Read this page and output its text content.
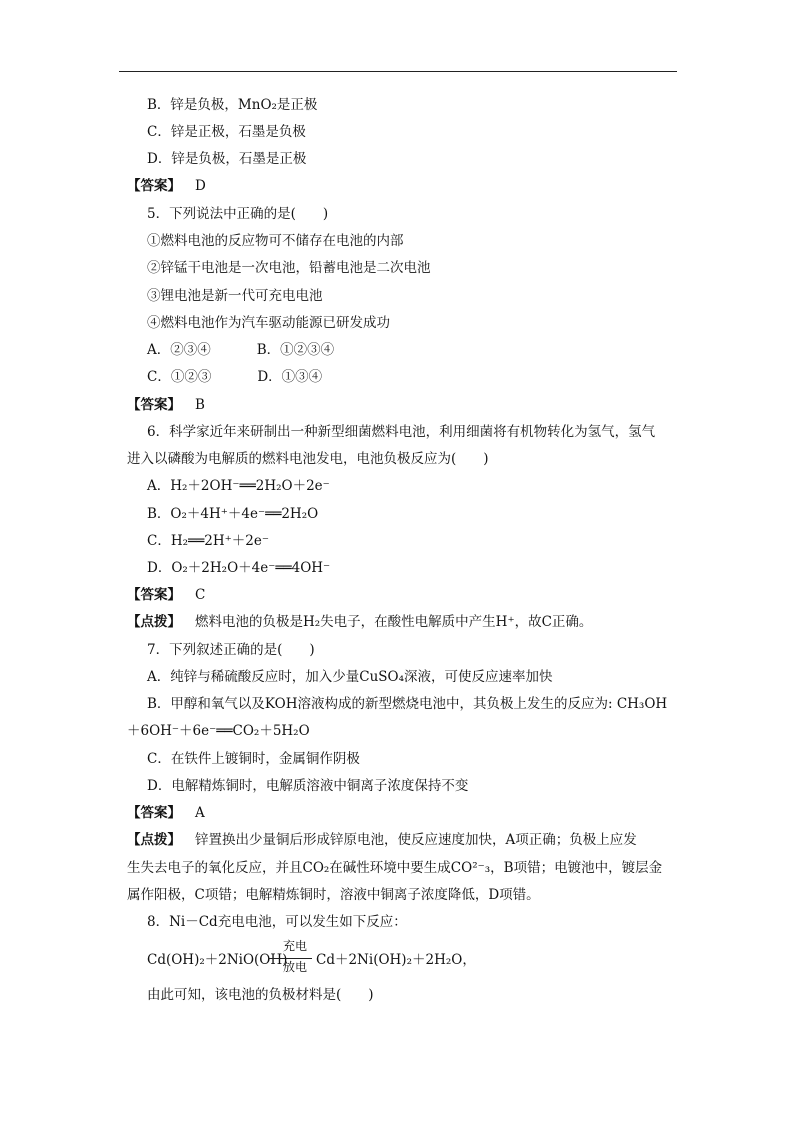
B．锌是负极，MnO₂是正极
C．锌是正极，石墨是负极
D．锌是负极，石墨是正极
【答案】 D
5．下列说法中正确的是(　　)
①燃料电池的反应物可不储存在电池的内部
②锌锰干电池是一次电池，铅蓄电池是二次电池
③锂电池是新一代可充电电池
④燃料电池作为汽车驱动能源已研发成功
A．②③④	B．①②③④
C．①②③	D．①③④
【答案】 B
6．科学家近年来研制出一种新型细菌燃料电池，利用细菌将有机物转化为氢气，氢气
进入以磷酸为电解质的燃料电池发电，电池负极反应为(　　)
A．H₂＋2OH⁻══2H₂O＋2e⁻
B．O₂＋4H⁺＋4e⁻══2H₂O
C．H₂══2H⁺＋2e⁻
D．O₂＋2H₂O＋4e⁻══4OH⁻
【答案】 C
【点拨】 燃料电池的负极是H₂失电子，在酸性电解质中产生H⁺，故C正确。
7．下列叙述正确的是(　　)
A．纯锌与稀硫酸反应时，加入少量CuSO₄深液，可使反应速率加快
B．甲醇和氧气以及KOH溶液构成的新型燃烧电池中，其负极上发生的反应为: CH₃OH
＋6OH⁻＋6e⁻══CO₂＋5H₂O
C．在铁件上镀铜时，金属铜作阴极
D．电解精炼铜时，电解质溶液中铜离子浓度保持不变
【答案】 A
【点拨】 锌置换出少量铜后形成锌原电池，使反应速度加快，A项正确；负极上应发
生失去电子的氧化反应，并且CO₂在碱性环境中要生成CO²⁻₃，B项错；电镀池中，镀层金
属作阳极，C项错；电解精炼铜时，溶液中铜离子浓度降低，D项错。
8．Ni－Cd充电电池，可以发生如下反应：
Cd(OH)₂＋2NiO(OH)
充电
放电 Cd＋2Ni(OH)₂＋2H₂O，
由此可知，该电池的负极材料是(　　)
